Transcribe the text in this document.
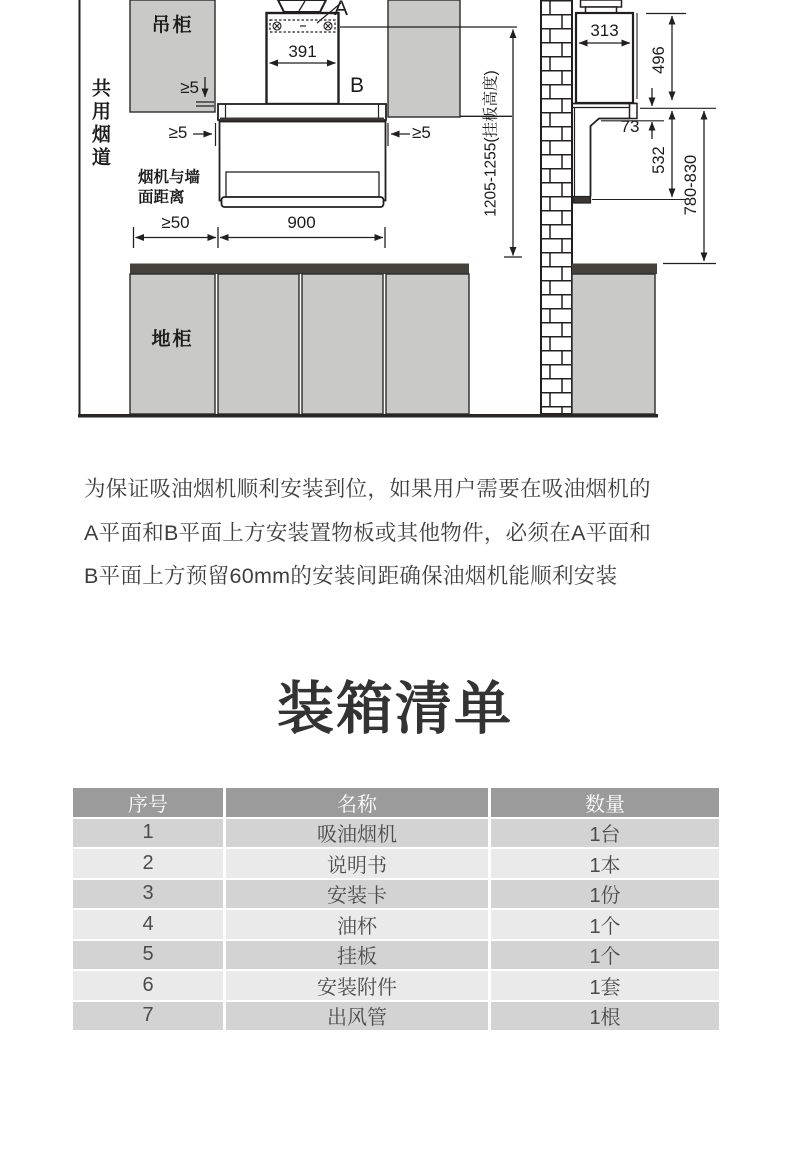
吊柜
共用烟道
A
B
391
≥5
≥5	≥5
烟机与墙
面距离
≥50	900
1205-1255(挂板高度)
地柜
313
496
73
532 780-830
为保证吸油烟机顺利安装到位，如果用户需要在吸油烟机的
A平面和B平面上方安装置物板或其他物件，必须在A平面和
B平面上方预留60mm的安装间距确保油烟机能顺利安装
装箱清单
序号	名称	数量
1	吸油烟机	1台
2	说明书	1本
3	安装卡	1份
4	油杯	1个
5	挂板	1个
6	安装附件	1套
7	出风管	1根
